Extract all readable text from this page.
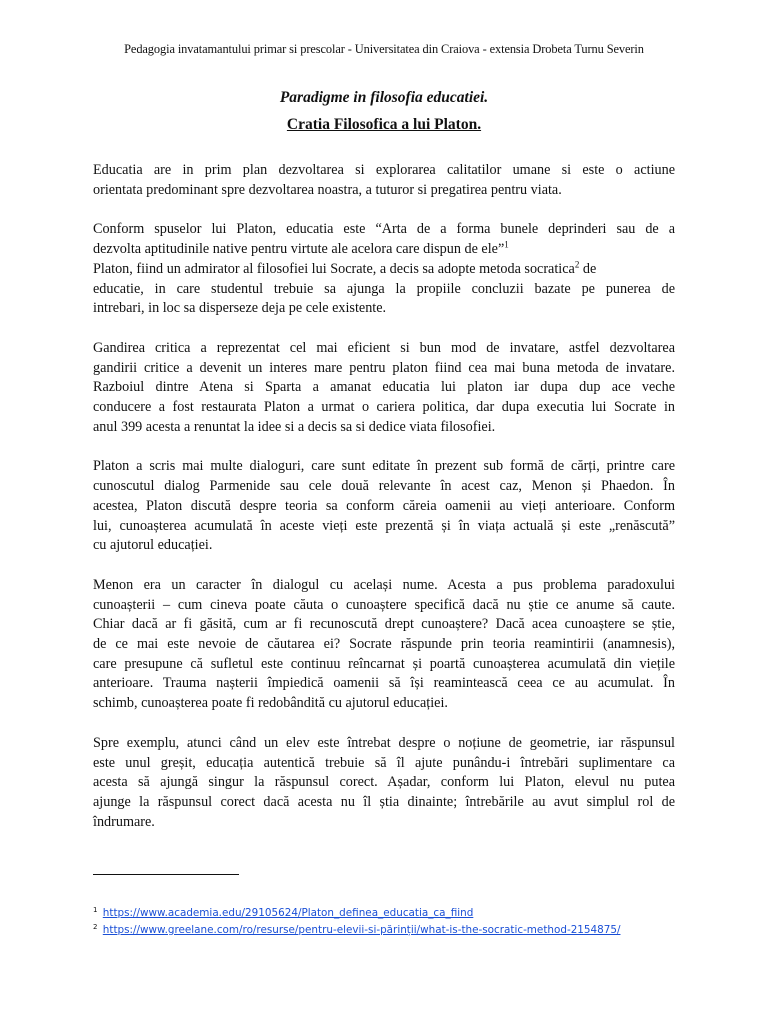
Pedagogia invatamantului primar si prescolar - Universitatea din Craiova - extensia Drobeta Turnu Severin
Paradigme in filosofia educatiei.
Cratia Filosofica a lui Platon.
Educatia are in prim plan dezvoltarea si explorarea calitatilor umane si este o actiune
orientata predominant spre dezvoltarea noastra, a tuturor si pregatirea pentru viata.
Conform spuselor lui Platon, educatia este “Arta de a forma bunele deprinderi sau de a
dezvolta aptitudinile native pentru virtute ale acelora care dispun de ele”$^1$
Platon, fiind un admirator al filosofiei lui Socrate, a decis sa adopte metoda socratica$^2$ de
educatie, in care studentul trebuie sa ajunga la propiile concluzii bazate pe punerea de
intrebari, in loc sa disperseze deja pe cele existente.
Gandirea critica a reprezentat cel mai eficient si bun mod de invatare, astfel dezvoltarea
gandirii critice a devenit un interes mare pentru platon fiind cea mai buna metoda de invatare.
Razboiul dintre Atena si Sparta a amanat educatia lui platon iar dupa dup ace veche
conducere a fost restaurata Platon a urmat o cariera politica, dar dupa executia lui Socrate in
anul 399 acesta a renuntat la idee si a decis sa si dedice viata filosofiei.
Platon a scris mai multe dialoguri, care sunt editate în prezent sub formă de cărți, printre care
cunoscutul dialog Parmenide sau cele două relevante în acest caz, Menon și Phaedon. În
acestea, Platon discută despre teoria sa conform căreia oamenii au vieți anterioare. Conform
lui, cunoașterea acumulată în aceste vieți este prezentă și în viața actuală și este „renăscută”
cu ajutorul educației.
Menon era un caracter în dialogul cu același nume. Acesta a pus problema paradoxului
cunoașterii – cum cineva poate căuta o cunoaștere specifică dacă nu știe ce anume să caute.
Chiar dacă ar fi găsită, cum ar fi recunoscută drept cunoaștere? Dacă acea cunoaștere se știe,
de ce mai este nevoie de căutarea ei? Socrate răspunde prin teoria reamintirii (anamnesis),
care presupune că sufletul este continuu reîncarnat și poartă cunoașterea acumulată din viețile
anterioare. Trauma nașterii împiedică oamenii să își reamintească ceea ce au acumulat. În
schimb, cunoașterea poate fi redobândită cu ajutorul educației.
Spre exemplu, atunci când un elev este întrebat despre o noțiune de geometrie, iar răspunsul
este unul greșit, educația autentică trebuie să îl ajute punându-i întrebări suplimentare ca
acesta să ajungă singur la răspunsul corect. Așadar, conform lui Platon, elevul nu putea
ajunge la răspunsul corect dacă acesta nu îl știa dinainte; întrebările au avut simplul rol de
îndrumare.
$^1$ https://www.academia.edu/29105624/Platon_definea_educatia_ca_fiind
$^2$ https://www.greelane.com/ro/resurse/pentru-elevii-si-părinții/what-is-the-socratic-method-2154875/
